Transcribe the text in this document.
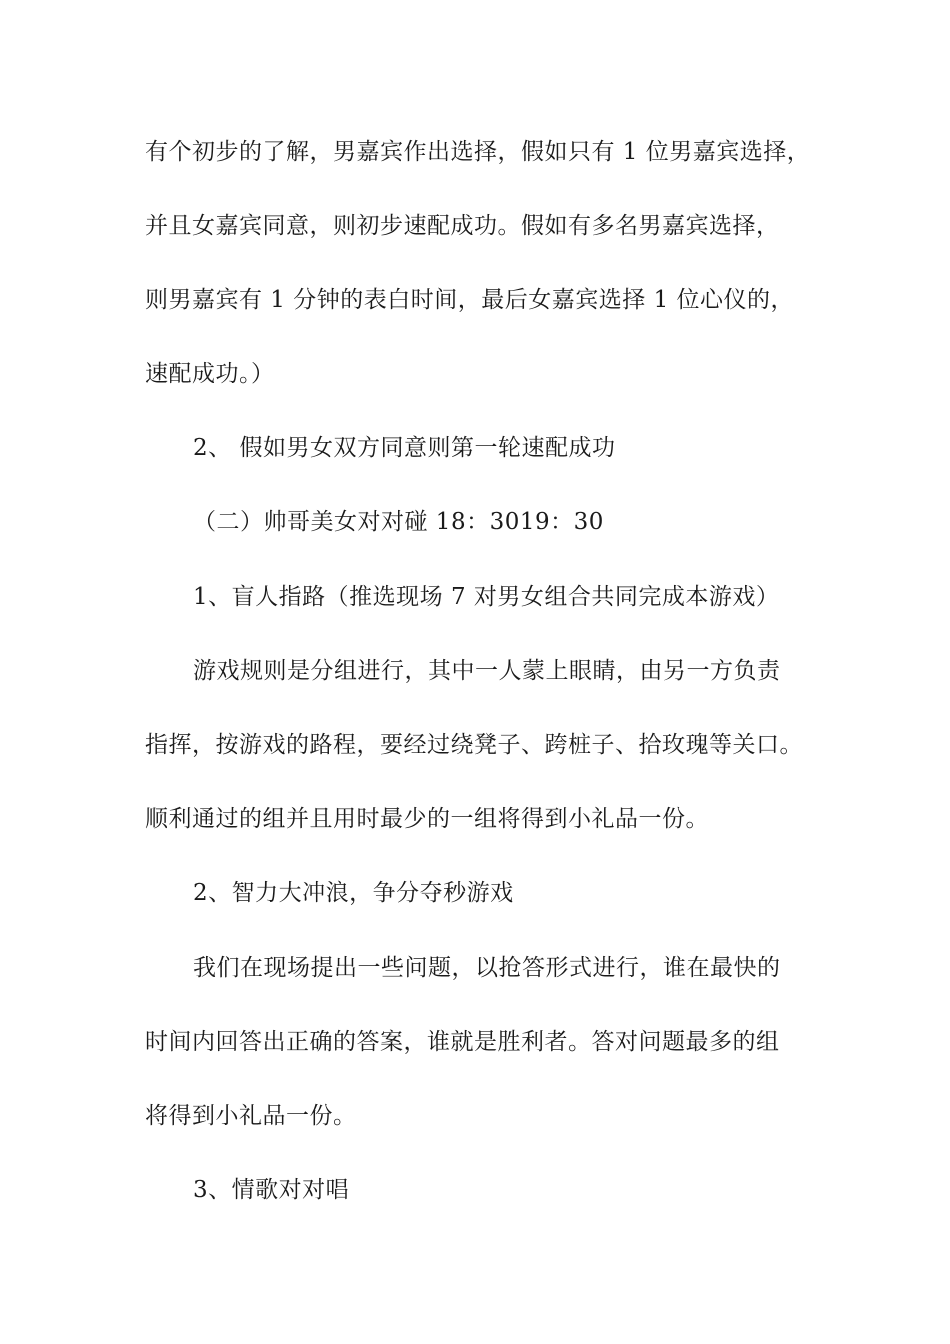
有个初步的了解，男嘉宾作出选择，假如只有 1 位男嘉宾选择，
并且女嘉宾同意，则初步速配成功。假如有多名男嘉宾选择，
则男嘉宾有 1 分钟的表白时间，最后女嘉宾选择 1 位心仪的，
速配成功。）
2、 假如男女双方同意则第一轮速配成功
（二）帅哥美女对对碰 18：3019：30
1、盲人指路（推选现场 7 对男女组合共同完成本游戏）
游戏规则是分组进行，其中一人蒙上眼睛，由另一方负责
指挥，按游戏的路程，要经过绕凳子、跨桩子、拾玫瑰等关口。
顺利通过的组并且用时最少的一组将得到小礼品一份。
2、智力大冲浪，争分夺秒游戏
我们在现场提出一些问题，以抢答形式进行，谁在最快的
时间内回答出正确的答案，谁就是胜利者。答对问题最多的组
将得到小礼品一份。
3、情歌对对唱
